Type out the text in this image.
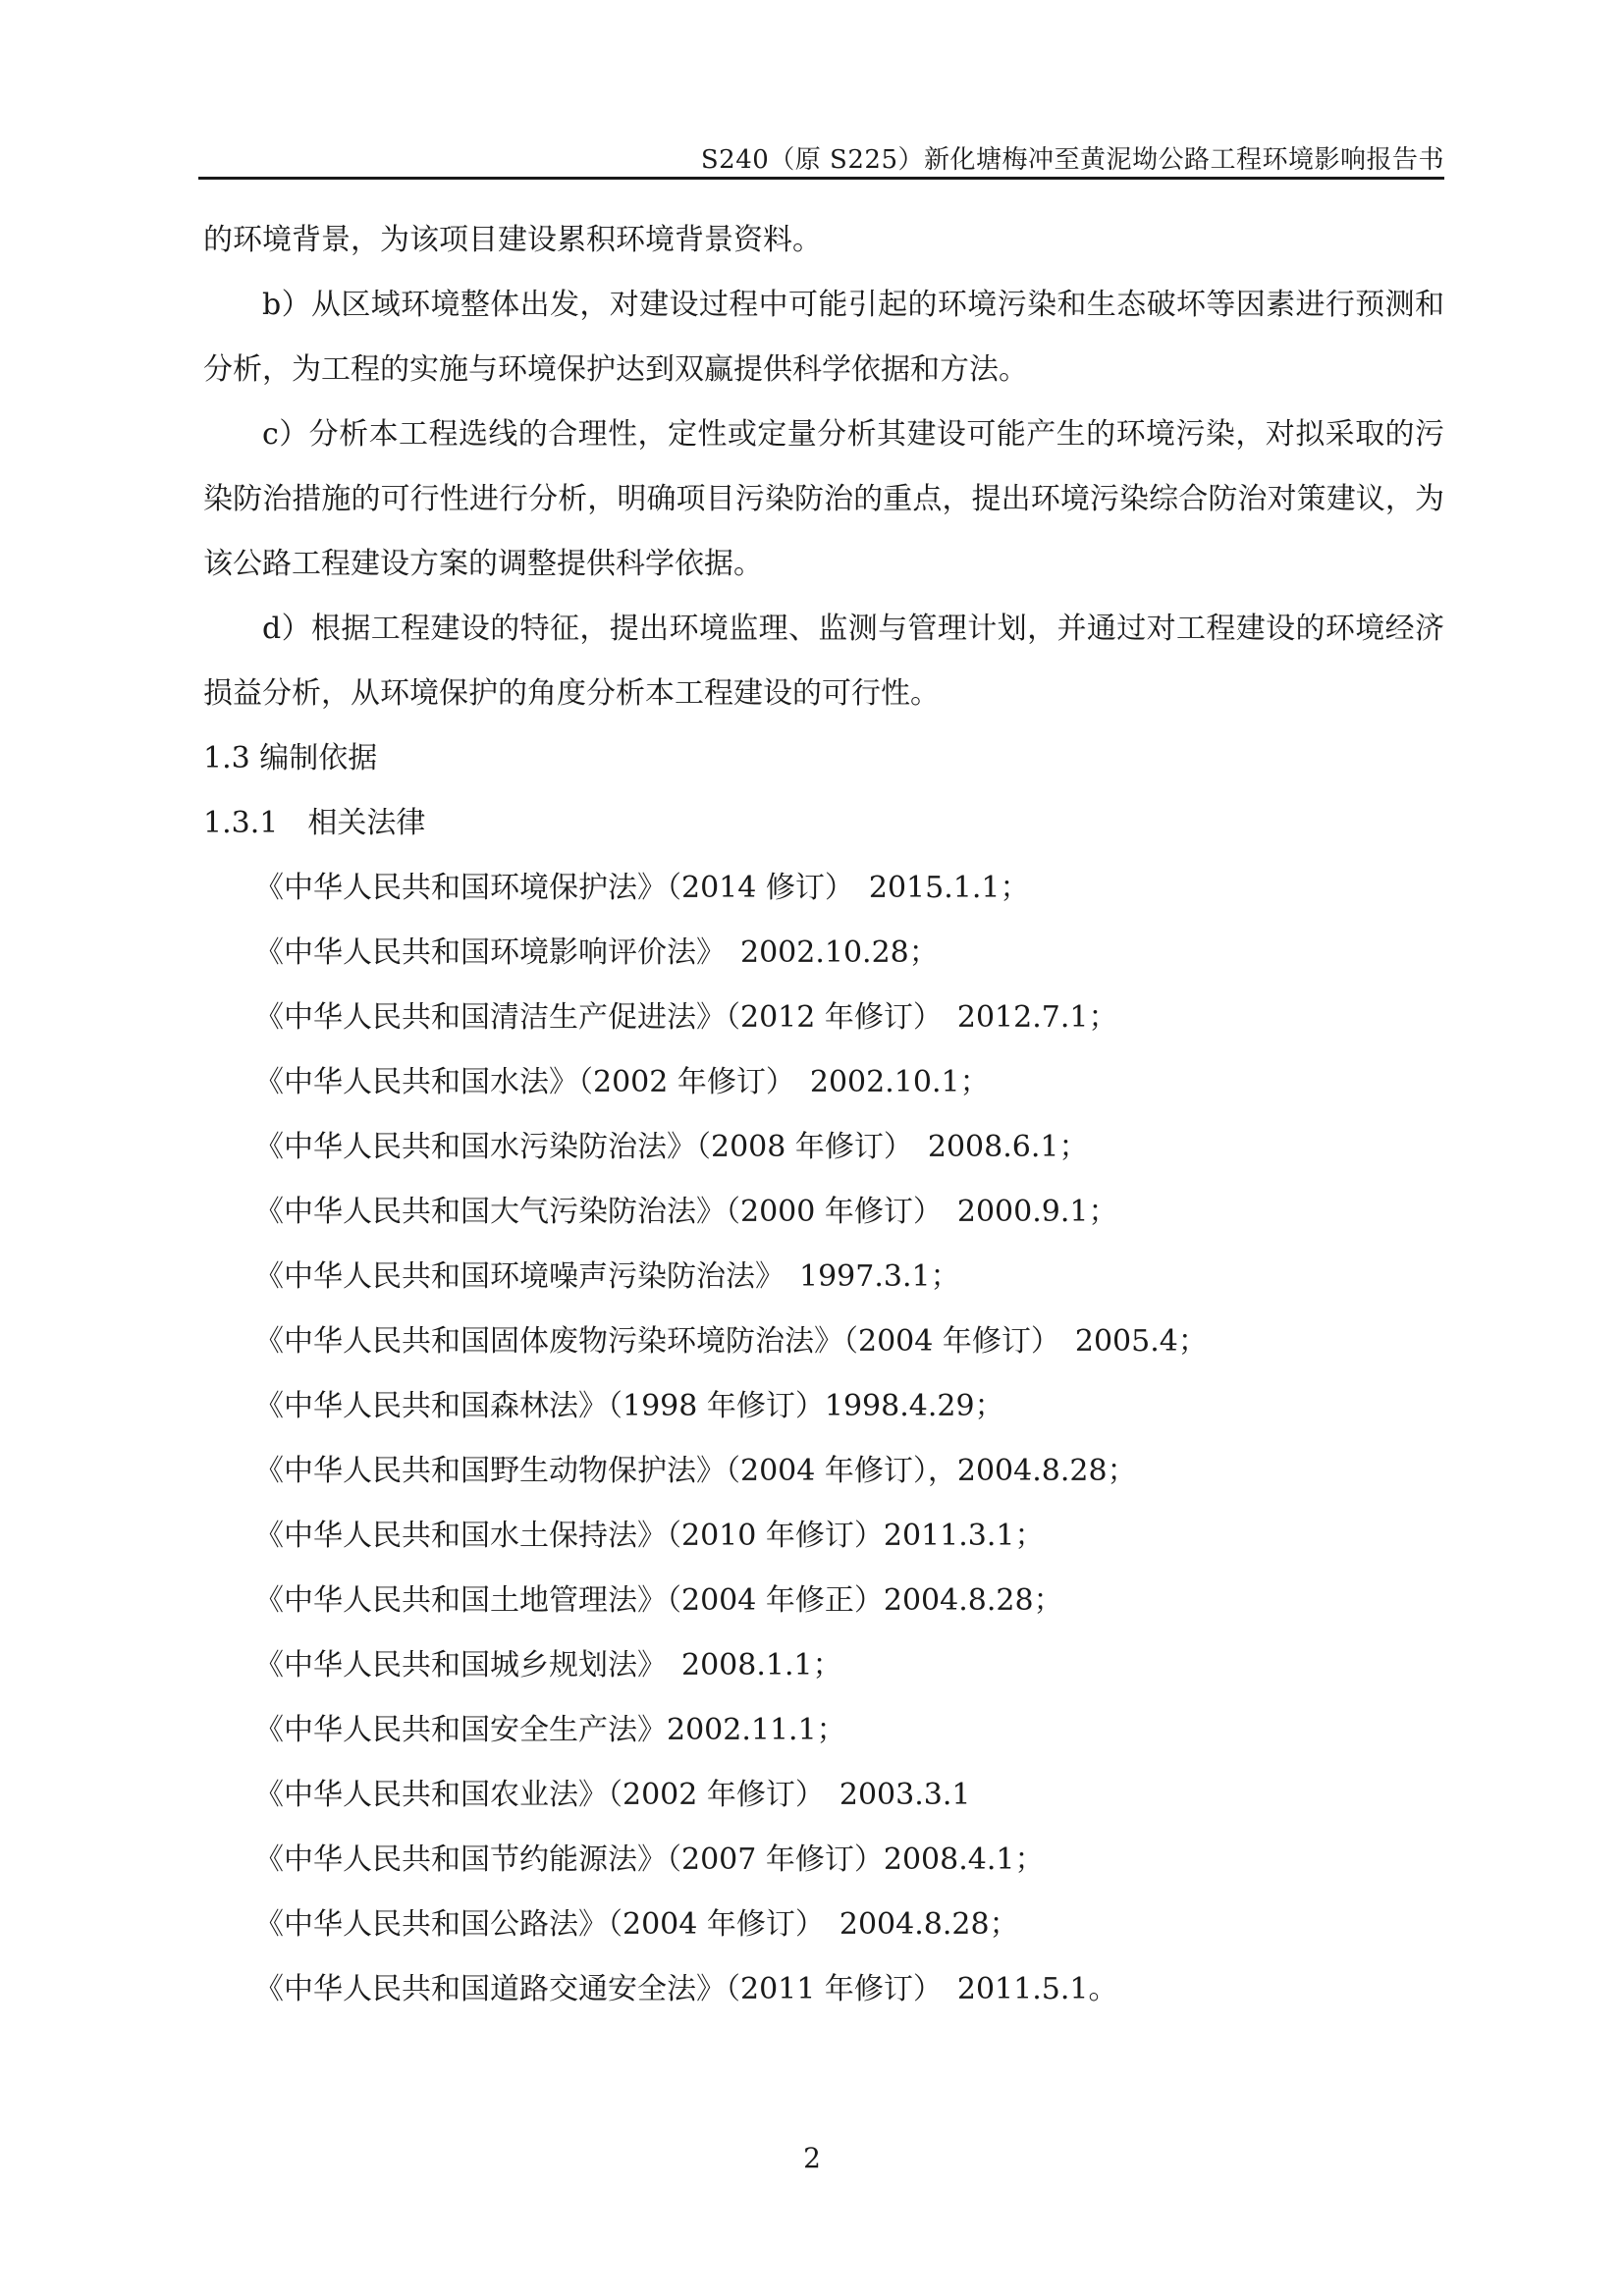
S240（原 S225）新化塘梅冲至黄泥坳公路工程环境影响报告书

的环境背景，为该项目建设累积环境背景资料。

b）从区域环境整体出发，对建设过程中可能引起的环境污染和生态破坏等因素进行预测和分析，为工程的实施与环境保护达到双赢提供科学依据和方法。

c）分析本工程选线的合理性，定性或定量分析其建设可能产生的环境污染，对拟采取的污染防治措施的可行性进行分析，明确项目污染防治的重点，提出环境污染综合防治对策建议，为该公路工程建设方案的调整提供科学依据。

d）根据工程建设的特征，提出环境监理、监测与管理计划，并通过对工程建设的环境经济损益分析，从环境保护的角度分析本工程建设的可行性。

1.3 编制依据
1.3.1　相关法律
《中华人民共和国环境保护法》（2014 修订）　2015.1.1；
《中华人民共和国环境影响评价法》　2002.10.28；
《中华人民共和国清洁生产促进法》（2012 年修订）　2012.7.1；
《中华人民共和国水法》（2002 年修订）　2002.10.1；
《中华人民共和国水污染防治法》（2008 年修订）　2008.6.1；
《中华人民共和国大气污染防治法》（2000 年修订）　2000.9.1；
《中华人民共和国环境噪声污染防治法》　1997.3.1；
《中华人民共和国固体废物污染环境防治法》（2004 年修订）　2005.4；
《中华人民共和国森林法》（1998 年修订）1998.4.29；
《中华人民共和国野生动物保护法》（2004 年修订），2004.8.28；
《中华人民共和国水土保持法》（2010 年修订）2011.3.1；
《中华人民共和国土地管理法》（2004 年修正）2004.8.28；
《中华人民共和国城乡规划法》　2008.1.1；
《中华人民共和国安全生产法》2002.11.1；
《中华人民共和国农业法》（2002 年修订）　2003.3.1
《中华人民共和国节约能源法》（2007 年修订）2008.4.1；
《中华人民共和国公路法》（2004 年修订）　2004.8.28；
《中华人民共和国道路交通安全法》（2011 年修订）　2011.5.1。
2
